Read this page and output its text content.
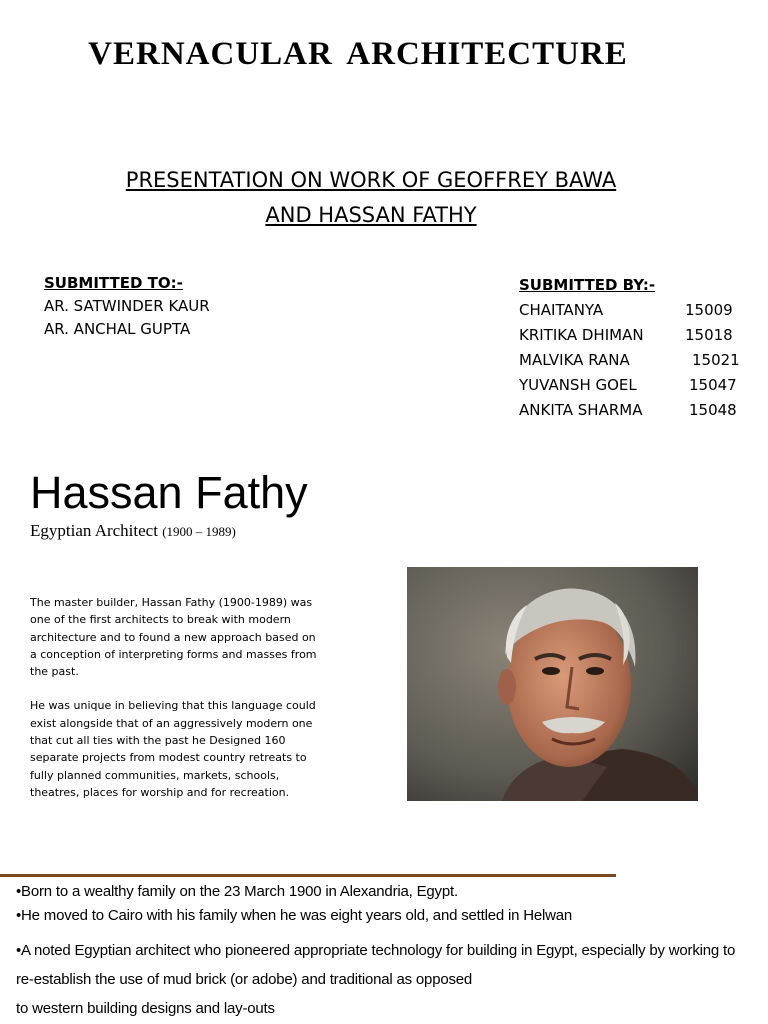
VERNACULAR ARCHITECTURE
PRESENTATION ON WORK OF GEOFFREY BAWA
AND HASSAN FATHY
SUBMITTED TO:-
AR. SATWINDER KAUR
AR. ANCHAL GUPTA
SUBMITTED BY:-
CHAITANYA	15009
KRITIKA DHIMAN	15018
MALVIKA RANA	15021
YUVANSH GOEL	15047
ANKITA SHARMA	15048
Hassan Fathy
Egyptian Architect (1900 – 1989)

The master builder, Hassan Fathy (1900-1989) was one of the first architects to break with modern architecture and to found a new approach based on a conception of interpreting forms and masses from the past.

He was unique in believing that this language could exist alongside that of an aggressively modern one that cut all ties with the past he Designed 160 separate projects from modest country retreats to fully planned communities, markets, schools, theatres, places for worship and for recreation.

•Born to a wealthy family on the 23 March 1900 in Alexandria, Egypt.
•He moved to Cairo with his family when he was eight years old, and settled in Helwan
•A noted Egyptian architect who pioneered appropriate technology for building in Egypt, especially by working to re-establish the use of mud brick (or adobe) and traditional as opposed
to western building designs and lay-outs
